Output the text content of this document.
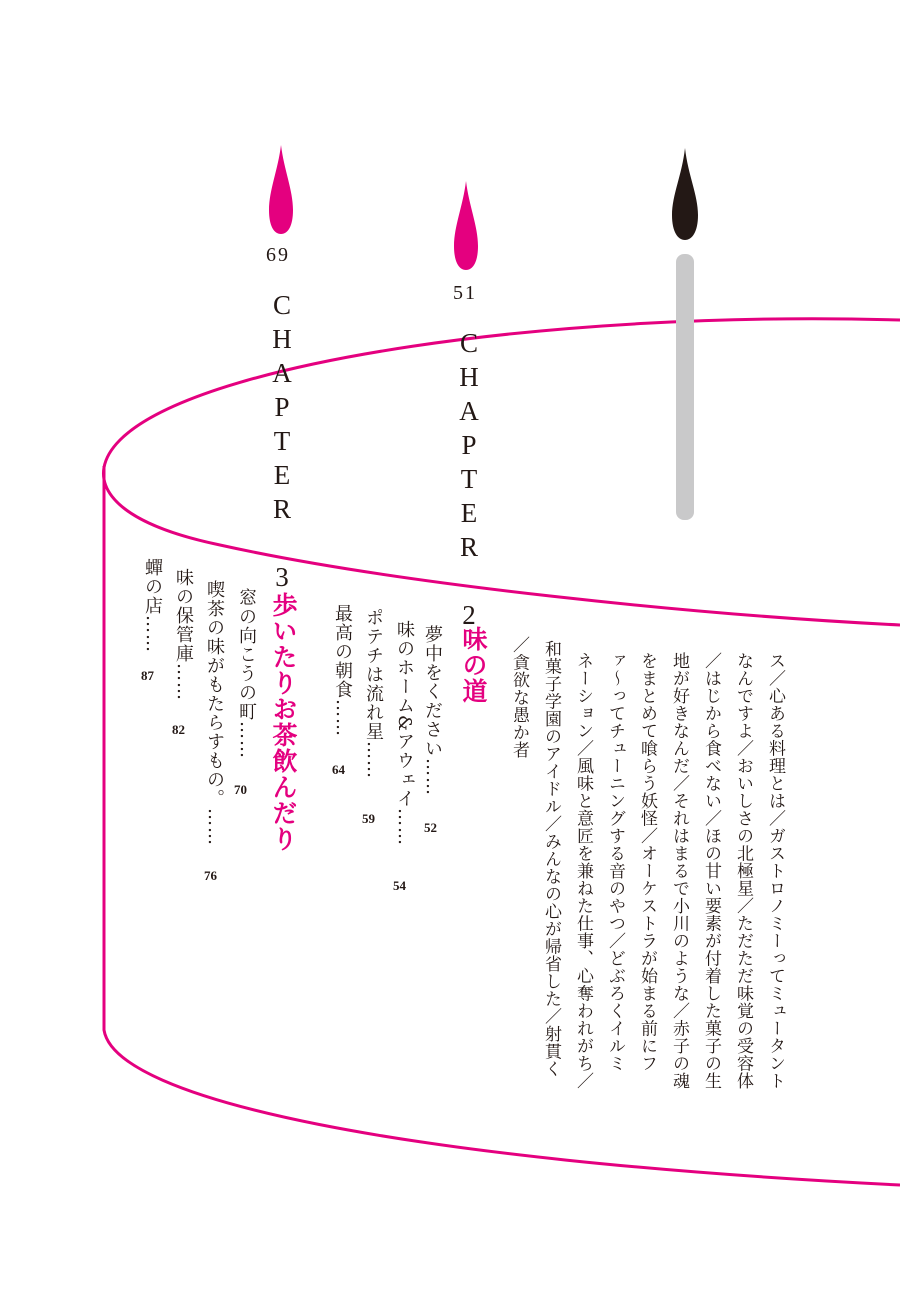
69
CHAPTER 3	51
CHAPTER 2
味の道
夢中をください……
52
味のホーム&アウェイ……
54
ポテチは流れ星……
59
最高の朝食……
64
歩いたりお茶飲んだり
窓の向こうの町……
70
喫茶の味がもたらすもの。……
76
味の保管庫……
82
蟬の店……
87	ス／心ある料理とは／ガストロノミーってミュータント
なんですよ／おいしさの北極星／ただただ味覚の受容体
／はじから食べない／ほの甘い要素が付着した菓子の生
地が好きなんだ／それはまるで小川のような／赤子の魂
をまとめて喰らう妖怪／オーケストラが始まる前にフ
ァ〜ってチューニングする音のやつ／どぶろくイルミ
ネーション／風味と意匠を兼ねた仕事、心奪われがち／
和菓子学園のアイドル／みんなの心が帰省した／射貫く
／貪欲な愚か者
